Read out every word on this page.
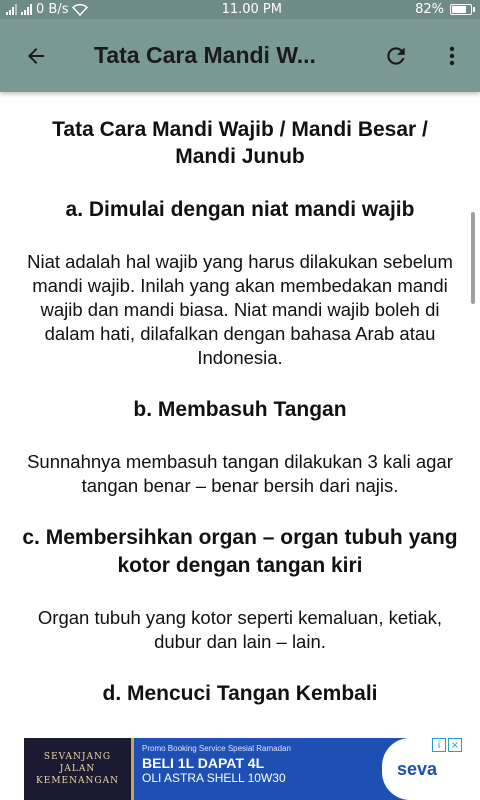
0 B/s	11.00 PM	82%
Tata Cara Mandi W...
Tata Cara Mandi Wajib / Mandi Besar / Mandi Junub
a. Dimulai dengan niat mandi wajib

Niat adalah hal wajib yang harus dilakukan sebelum mandi wajib. Inilah yang akan membedakan mandi wajib dan mandi biasa. Niat mandi wajib boleh di dalam hati, dilafalkan dengan bahasa Arab atau Indonesia.

b. Membasuh Tangan

Sunnahnya membasuh tangan dilakukan 3 kali agar tangan benar – benar bersih dari najis.

c. Membersihkan organ – organ tubuh yang kotor dengan tangan kiri

Organ tubuh yang kotor seperti kemaluan, ketiak, dubur dan lain – lain.

d. Mencuci Tangan Kembali

SEVANJANG
JALAN
KEMENANGAN
Promo Booking Service Spesial Ramadan
BELI 1L DAPAT 4L
OLI ASTRA SHELL 10W30	seva
i	×
